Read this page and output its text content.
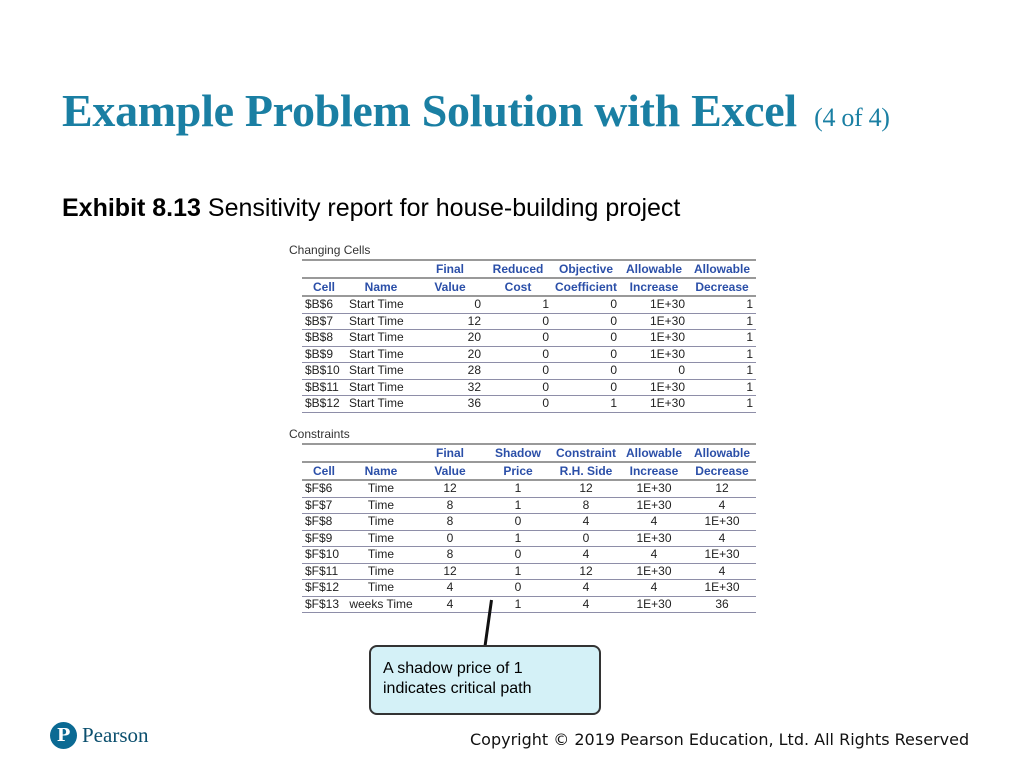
Example Problem Solution with Excel (4 of 4)
Exhibit 8.13 Sensitivity report for house-building project
Changing Cells
		Final	Reduced	Objective	Allowable	Allowable
Cell	Name	Value	Cost	Coefficient	Increase	Decrease
$B$6	Start Time	0	1	0	1E+30	1
$B$7	Start Time	12	0	0	1E+30	1
$B$8	Start Time	20	0	0	1E+30	1
$B$9	Start Time	20	0	0	1E+30	1
$B$10	Start Time	28	0	0	0	1
$B$11	Start Time	32	0	0	1E+30	1
$B$12	Start Time	36	0	1	1E+30	1
Constraints
		Final	Shadow	Constraint	Allowable	Allowable
Cell	Name	Value	Price	R.H. Side	Increase	Decrease
$F$6	Time	12	1	12	1E+30	12
$F$7	Time	8	1	8	1E+30	4
$F$8	Time	8	0	4	4	1E+30
$F$9	Time	0	1	0	1E+30	4
$F$10	Time	8	0	4	4	1E+30
$F$11	Time	12	1	12	1E+30	4
$F$12	Time	4	0	4	4	1E+30
$F$13	weeks Time	4	1	4	1E+30	36
A shadow price of 1 indicates critical path
P Pearson	Copyright © 2019 Pearson Education, Ltd. All Rights Reserved
